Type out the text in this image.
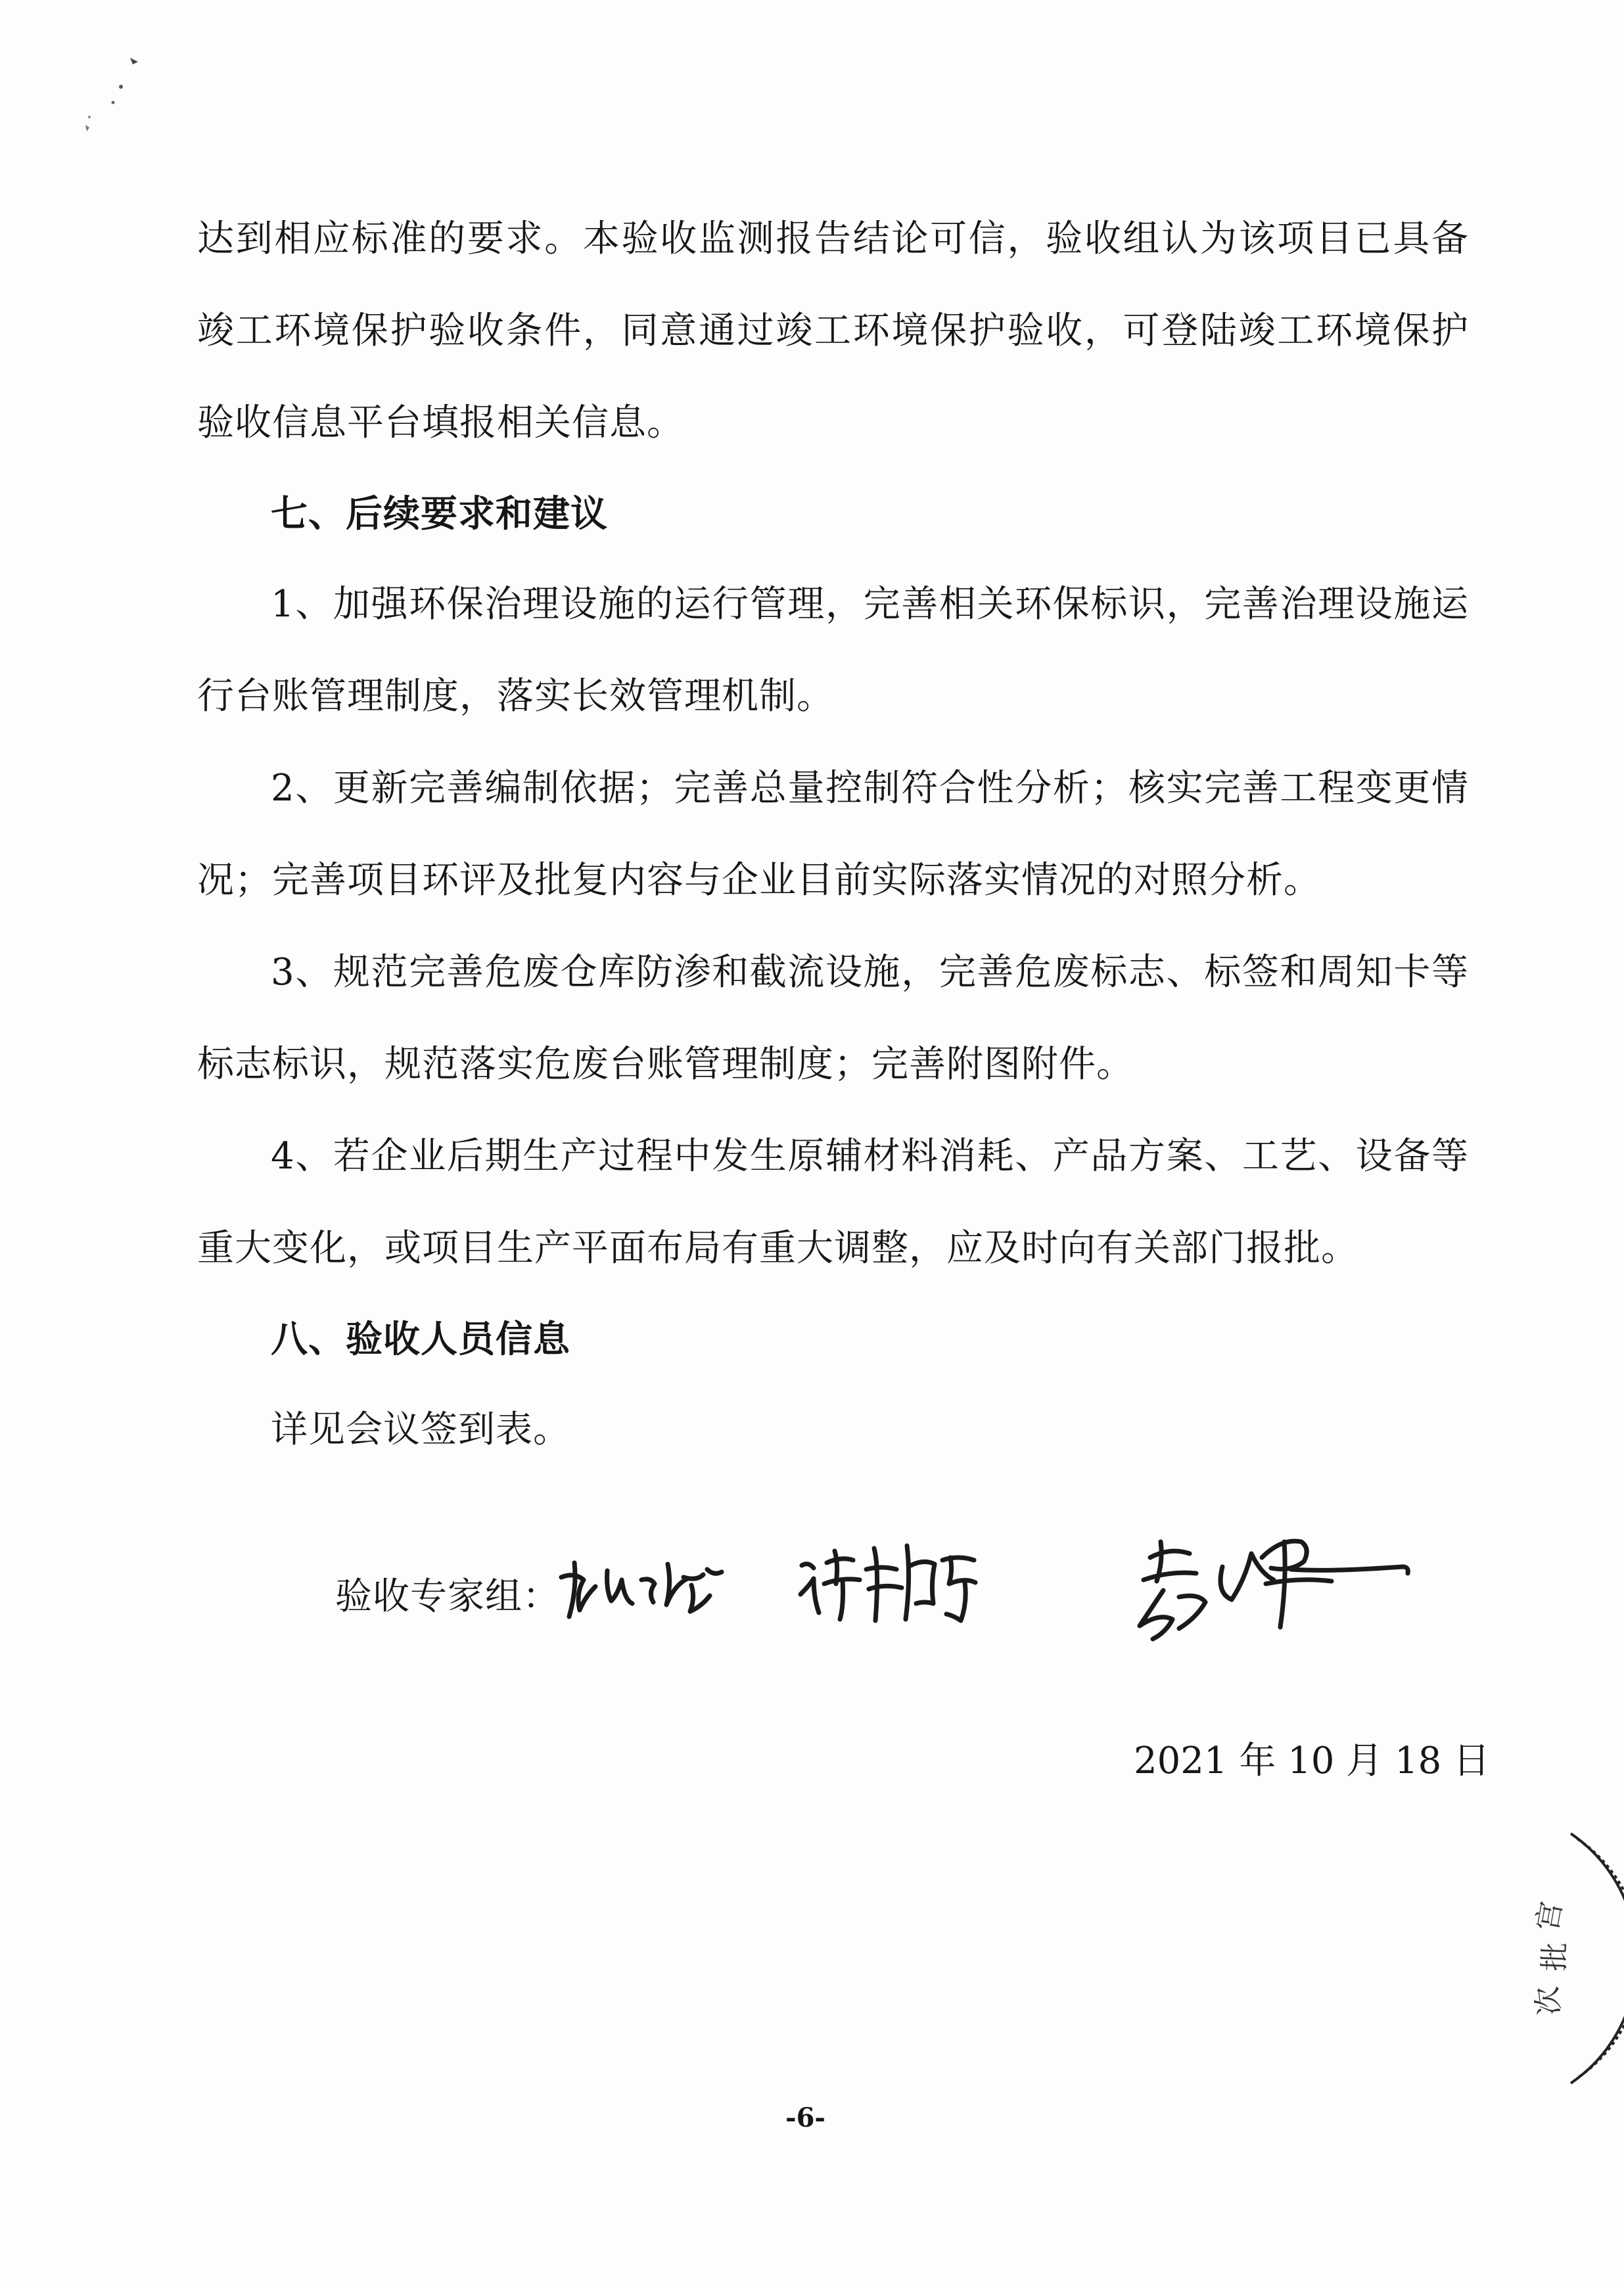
达到相应标准的要求。本验收监测报告结论可信，验收组认为该项目已具备
竣工环境保护验收条件，同意通过竣工环境保护验收，可登陆竣工环境保护
验收信息平台填报相关信息。
七、后续要求和建议
1、加强环保治理设施的运行管理，完善相关环保标识，完善治理设施运
行台账管理制度，落实长效管理机制。
2、更新完善编制依据；完善总量控制符合性分析；核实完善工程变更情
况；完善项目环评及批复内容与企业目前实际落实情况的对照分析。
3、规范完善危废仓库防渗和截流设施，完善危废标志、标签和周知卡等
标志标识，规范落实危废台账管理制度；完善附图附件。
4、若企业后期生产过程中发生原辅材料消耗、产品方案、工艺、设备等
重大变化，或项目生产平面布局有重大调整，应及时向有关部门报批。
八、验收人员信息
详见会议签到表。
验收专家组：
2021 年 10 月 18 日
宫
批
次
-6-
